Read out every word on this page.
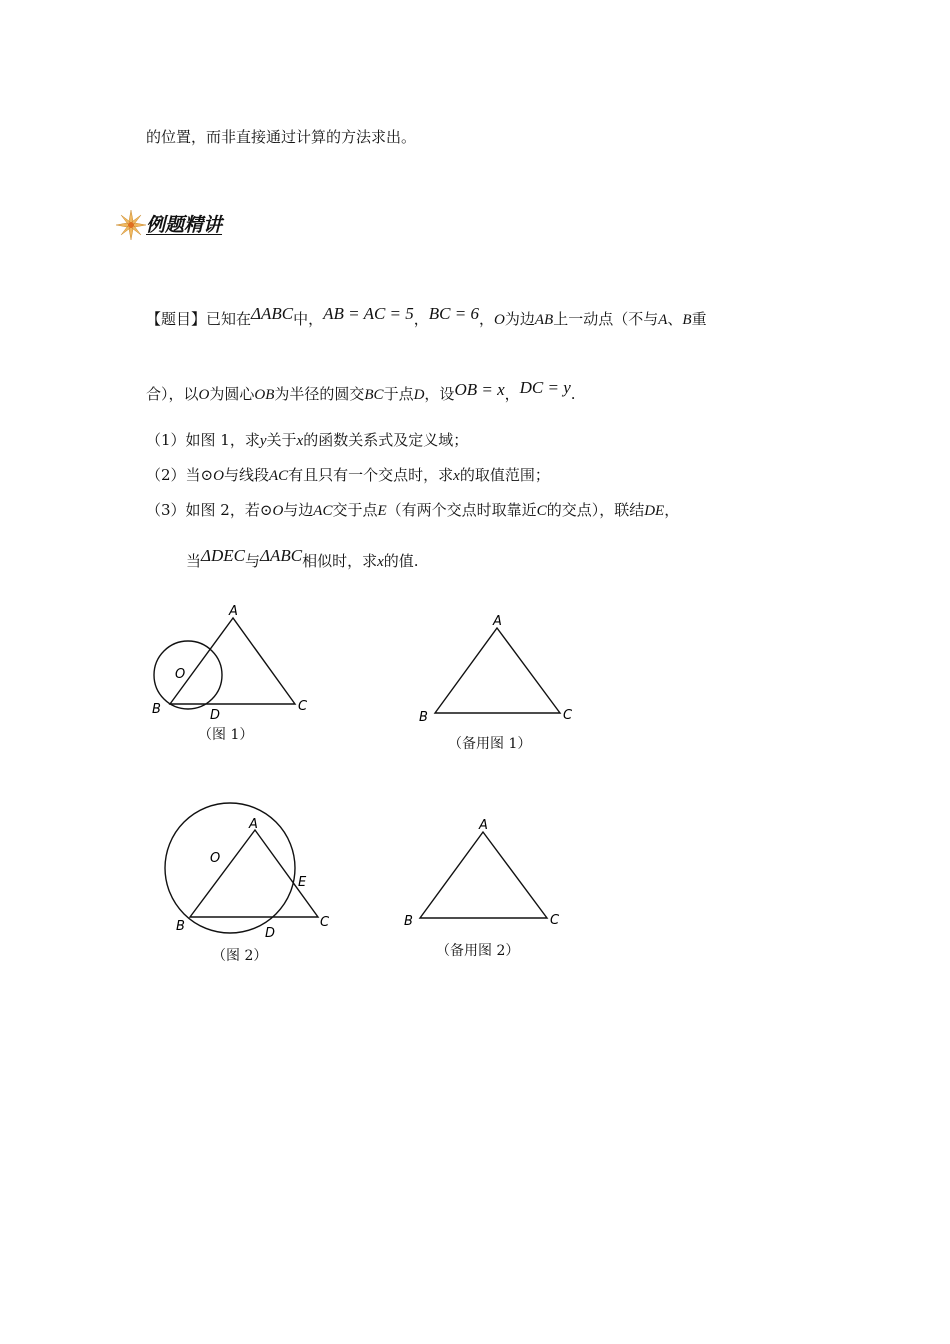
的位置，而非直接通过计算的方法求出。
例题精讲
【题目】已知在ΔABC中，AB = AC = 5，BC = 6，O为边AB上一动点（不与A、B重
合），以O为圆心OB为半径的圆交BC于点D，设OB = x，DC = y.
（1）如图 1，求y关于x的函数关系式及定义域；
（2）当⊙O与线段AC有且只有一个交点时，求x的取值范围；
（3）如图 2，若⊙O与边AC交于点E（有两个交点时取靠近C的交点），联结DE，
当ΔDEC与ΔABC相似时，求x的值.
A
O
B	D
C
（图 1）
A
B	C
（备用图 1）
A
O
E
B	D
C
（图 2）
A
B	C
（备用图 2）
